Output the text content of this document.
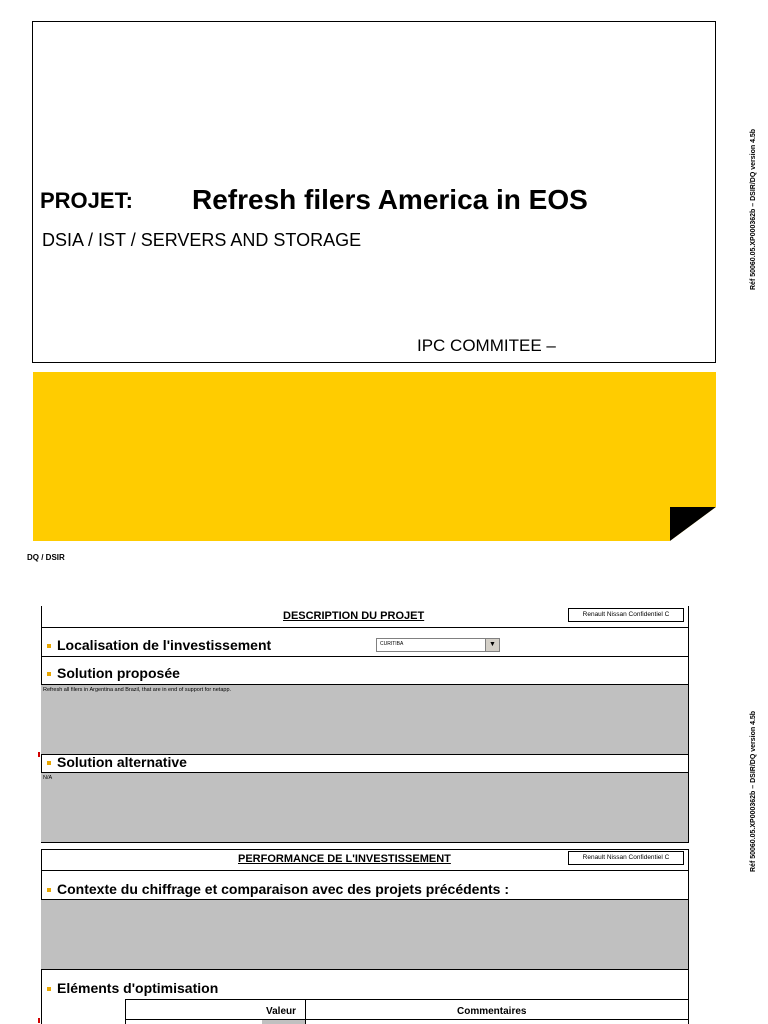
PROJET: Refresh filers America in EOS
DSIA / IST / SERVERS AND STORAGE
IPC COMMITEE –
DQ / DSIR
Réf 50060.05.XP000362b – DSIR/DQ version 4.5b
Réf 50060.05.XP000362b – DSIR/DQ version 4.5b
DESCRIPTION DU PROJET	Renault Nissan Confidentiel C
Localisation de l'investissement	CURITIBA	▼
Solution proposée
Refresh all filers in Argentina and Brazil, that are in end of support for netapp.
Solution alternative
N/A
PERFORMANCE DE L'INVESTISSEMENT	Renault Nissan Confidentiel C
Contexte du chiffrage et comparaison avec des projets précédents :
Eléments d'optimisation
Valeur	Commentaires
